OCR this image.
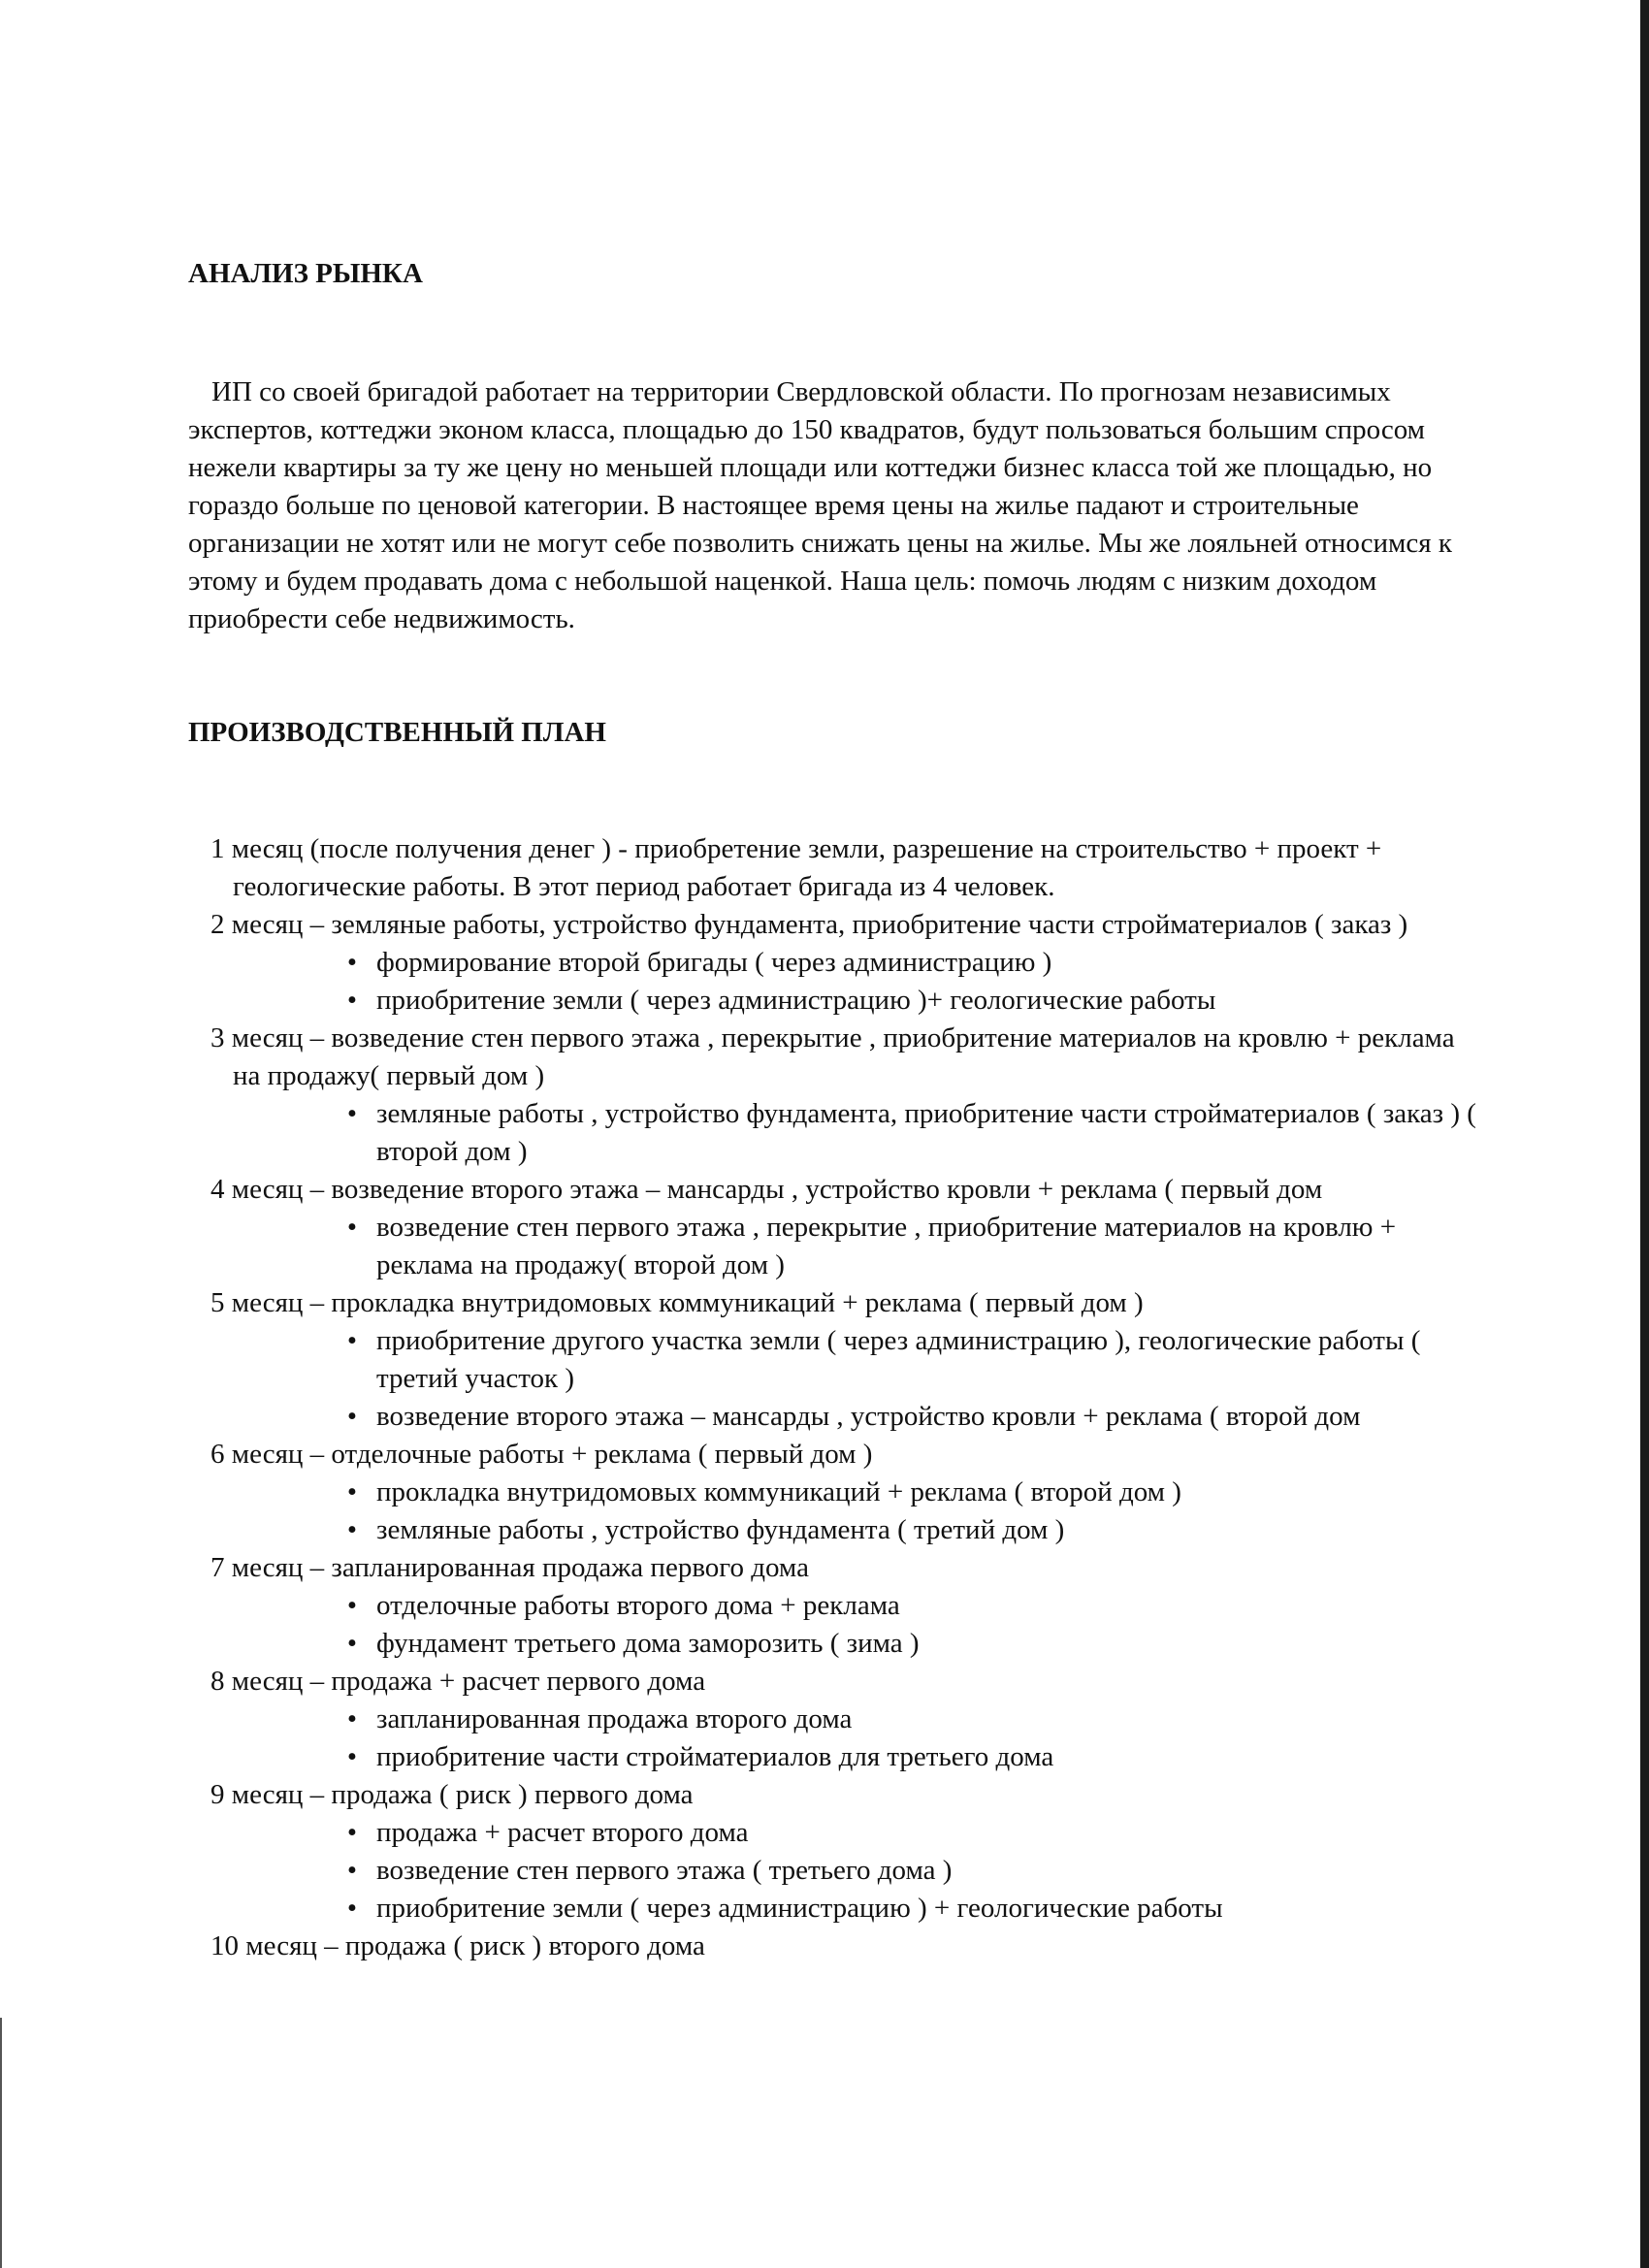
АНАЛИЗ РЫНКА

ИП со своей бригадой работает на территории Свердловской области. По прогнозам независимых экспертов, коттеджи эконом класса, площадью до 150 квадратов, будут пользоваться большим спросом нежели квартиры за ту же цену но меньшей площади или коттеджи бизнес класса той же площадью, но гораздо больше по ценовой категории. В настоящее время цены на жилье падают и строительные организации не хотят или не могут себе позволить снижать цены на жилье. Мы же лояльней относимся к этому и будем продавать дома с небольшой наценкой. Наша цель: помочь людям с низким доходом приобрести себе недвижимость.

ПРОИЗВОДСТВЕННЫЙ ПЛАН

1 месяц (после получения денег ) - приобретение земли, разрешение на строительство + проект + геологические работы. В этот период работает бригада из 4 человек.

2 месяц – земляные работы, устройство фундамента, приобритение части стройматериалов ( заказ )

• формирование второй бригады ( через администрацию )
• приобритение земли ( через администрацию )+ геологические работы

3 месяц – возведение стен первого этажа , перекрытие , приобритение материалов на кровлю + реклама на продажу( первый дом )

• земляные работы , устройство фундамента, приобритение части стройматериалов ( заказ ) ( второй дом )

4 месяц – возведение второго этажа – мансарды , устройство кровли + реклама ( первый дом

• возведение стен первого этажа , перекрытие , приобритение материалов на кровлю + реклама на продажу( второй дом )

5 месяц – прокладка внутридомовых коммуникаций + реклама ( первый дом )

• приобритение другого участка земли ( через администрацию ), геологические работы ( третий участок )
• возведение второго этажа – мансарды , устройство кровли + реклама ( второй дом

6 месяц – отделочные работы + реклама ( первый дом )

• прокладка внутридомовых коммуникаций + реклама ( второй дом )
• земляные работы , устройство фундамента ( третий дом )

7 месяц – запланированная продажа первого дома

• отделочные работы второго дома + реклама
• фундамент третьего дома заморозить ( зима )

8 месяц – продажа + расчет первого дома

• запланированная продажа второго дома
• приобритение части стройматериалов для третьего дома

9 месяц – продажа ( риск ) первого дома

• продажа + расчет второго дома
• возведение стен первого этажа ( третьего дома )
• приобритение земли ( через администрацию ) + геологические работы

10 месяц – продажа ( риск ) второго дома
